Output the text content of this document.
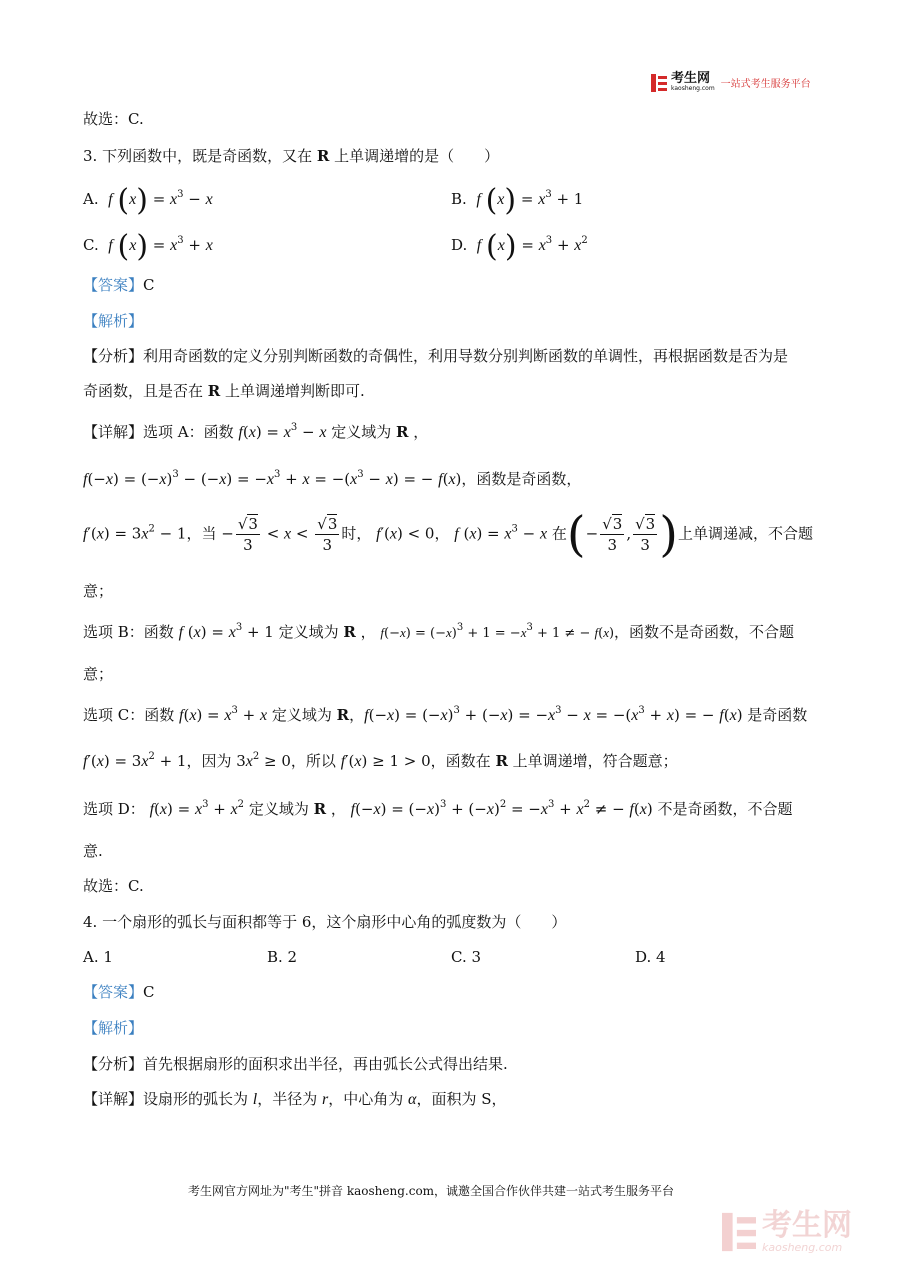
考生网
kaosheng.com 一站式考生服务平台
故选：C.
3. 下列函数中，既是奇函数，又在 R 上单调递增的是（　　）
A.  f $(x) = x^3 - x$	B.  f $(x) = x^3 + 1$
C.  f $(x) = x^3 + x$	D.  f $(x) = x^3 + x^2$
【答案】C
【解析】
【分析】利用奇函数的定义分别判断函数的奇偶性，利用导数分别判断函数的单调性，再根据函数是否为是
奇函数，且是否在 R 上单调递增判断即可.
【详解】选项 A：函数 $f(x) = x^3 - x$ 定义域为 R ，
$f(-x) = (-x)^3 - (-x) = -x^3 + x = -(x^3 - x)$ = − f(x)，函数是奇函数，
$f'(x) = 3x^2 - 1$，当 − $\frac{√3}{3} < x < \frac{√3}{3}$ 时， f′(x) < 0， f $(x) = x^3 - x$ 在(− $\frac{√3}{3}$ , $\frac{√3}{3}$ )上单调递减，不合题
意；
选项 B：函数 f $(x) = x^3 + 1$ 定义域为 R ， $f(-x) = (-x)^3 + 1 = -x^3 + 1$ ≠ − f(x)，函数不是奇函数，不合题
意；
选项 C：函数 $f(x) = x^3 + x$ 定义域为 R，$f(-x) = (-x)^3 + (-x) = -x^3 - x = -(x^3 + x)$ = − f(x) 是奇函数
$f'(x) = 3x^2 + 1$，因为 $3x^2 \ge 0$，所以 f′(x) ≥ 1 > 0，函数在 R 上单调递增，符合题意；
选项 D： $f(x) = x^3 + x^2$ 定义域为 R ， $f(-x) = (-x)^3 + (-x)^2 = -x^3 + x^2$ ≠ − f(x) 不是奇函数，不合题
意.
故选：C.
4. 一个扇形的弧长与面积都等于 6，这个扇形中心角的弧度数为（　　）
A. 1	B. 2	C. 3	D. 4
【答案】C
【解析】
【分析】首先根据扇形的面积求出半径，再由弧长公式得出结果.
【详解】设扇形的弧长为 l，半径为 r，中心角为 α，面积为 S，
考生网官方网址为"考生"拼音 kaosheng.com，诚邀全国合作伙伴共建一站式考生服务平台
考生网
kaosheng.com
